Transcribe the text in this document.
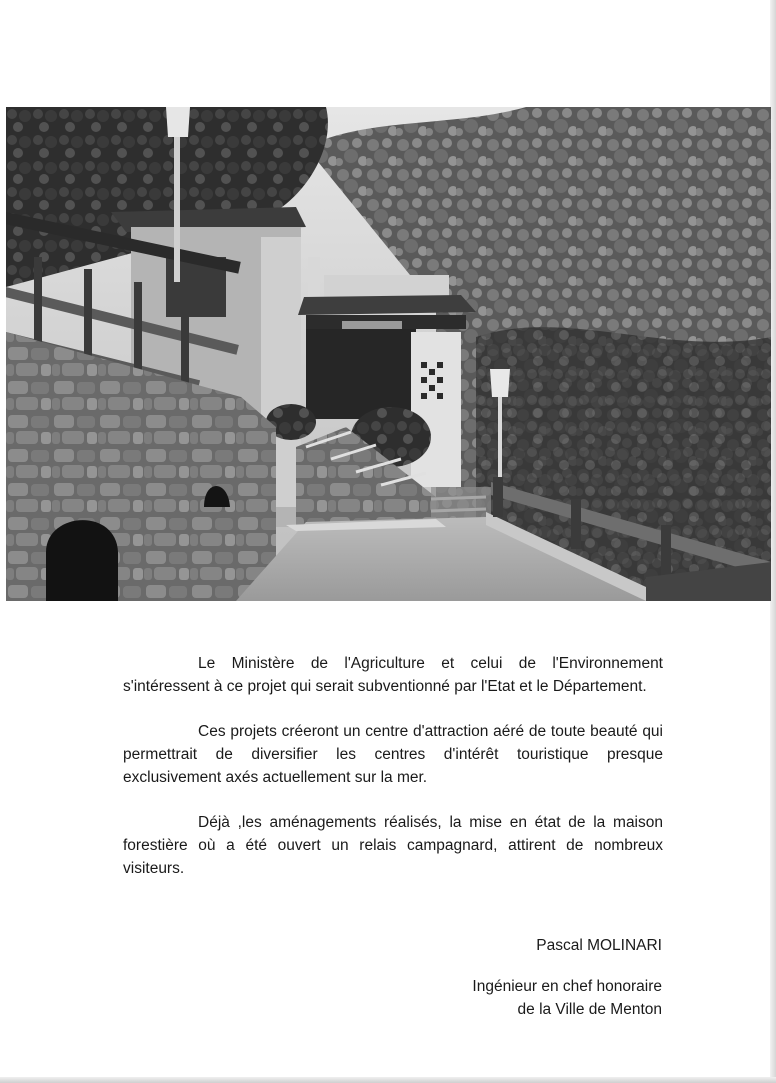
Le Ministère de l'Agriculture et celui de l'Environnement s'intéressent à ce projet qui serait subventionné par l'Etat et le Département.

Ces projets créeront un centre d'attraction aéré de toute beauté qui permettrait de diversifier les centres d'intérêt touristique presque exclusivement axés actuellement sur la mer.

Déjà ,les aménagements réalisés, la mise en état de la maison forestière où a été ouvert un relais campagnard, attirent de nombreux visiteurs.

Pascal MOLINARI

Ingénieur en chef honoraire

de la Ville de Menton
